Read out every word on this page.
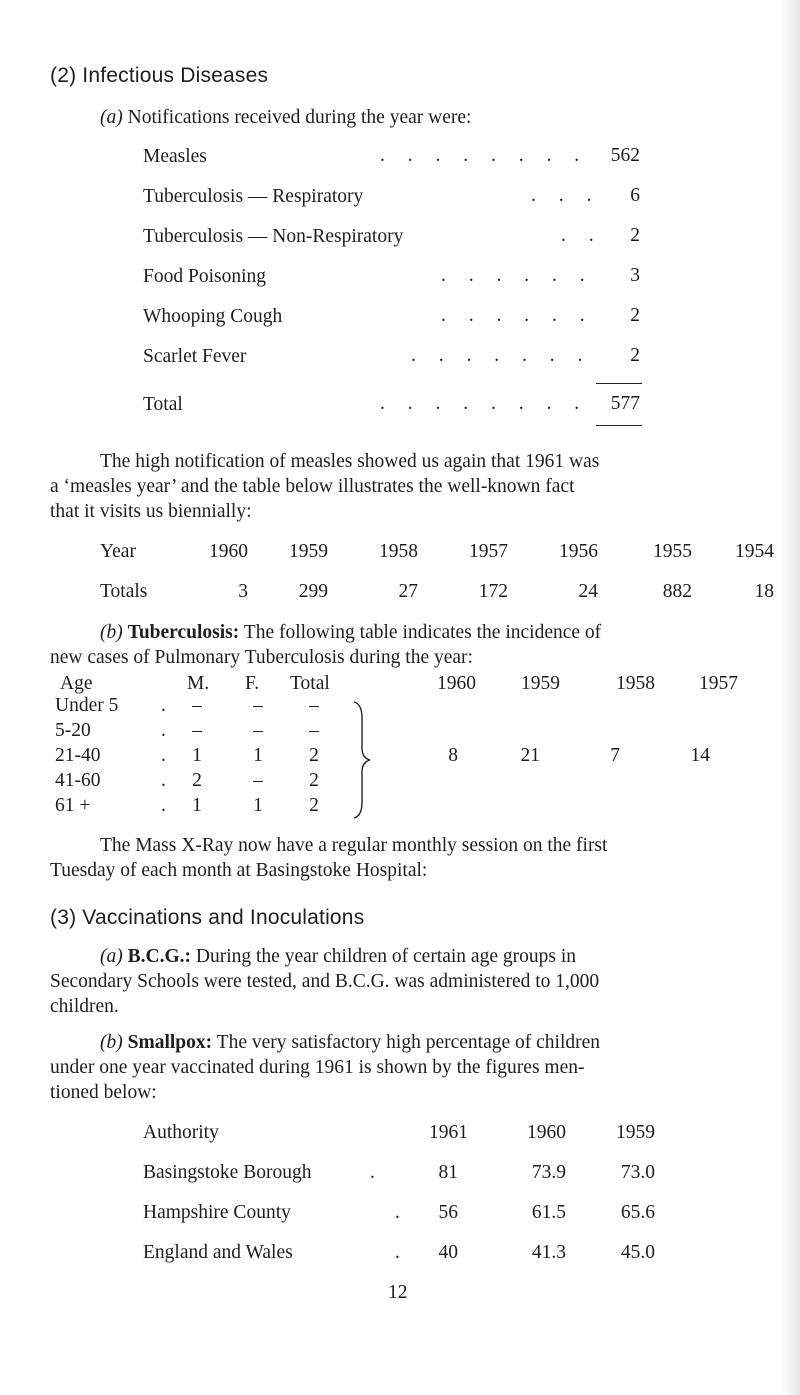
(2) Infectious Diseases
(a) Notifications received during the year were:
Measles	. . . . . . . .	562
Tuberculosis — Respiratory	. . .	6
Tuberculosis — Non-Respiratory	. .	2
Food Poisoning	. . . . . .	3
Whooping Cough	. . . . . .	2
Scarlet Fever	. . . . . . .	2
Total	. . . . . . . .	577
The high notification of measles showed us again that 1961 was
a ‘measles year’ and the table below illustrates the well-known fact
that it visits us biennially:
Year	1960	1959	1958	1957	1956	1955	1954
Totals	3	299	27	172	24	882	18
(b) Tuberculosis: The following table indicates the incidence of
new cases of Pulmonary Tuberculosis during the year:
Age	M. F. Total
Under 5 .	–	–	–
5-20	.	–	–	–
21-40	.	1	1	2
41-60	.	2	–	2
61 +	.	1	1	2
1960	1959	1958	1957
8	21	7	14
The Mass X-Ray now have a regular monthly session on the first
Tuesday of each month at Basingstoke Hospital:
(3) Vaccinations and Inoculations
(a) B.C.G.: During the year children of certain age groups in
Secondary Schools were tested, and B.C.G. was administered to 1,000
children.
(b) Smallpox: The very satisfactory high percentage of children
under one year vaccinated during 1961 is shown by the figures men-
tioned below:
Authority	1961	1960	1959
Basingstoke Borough	.	81	73.9	73.0
Hampshire County	.	56	61.5	65.6
England and Wales	.	40	41.3	45.0
12
